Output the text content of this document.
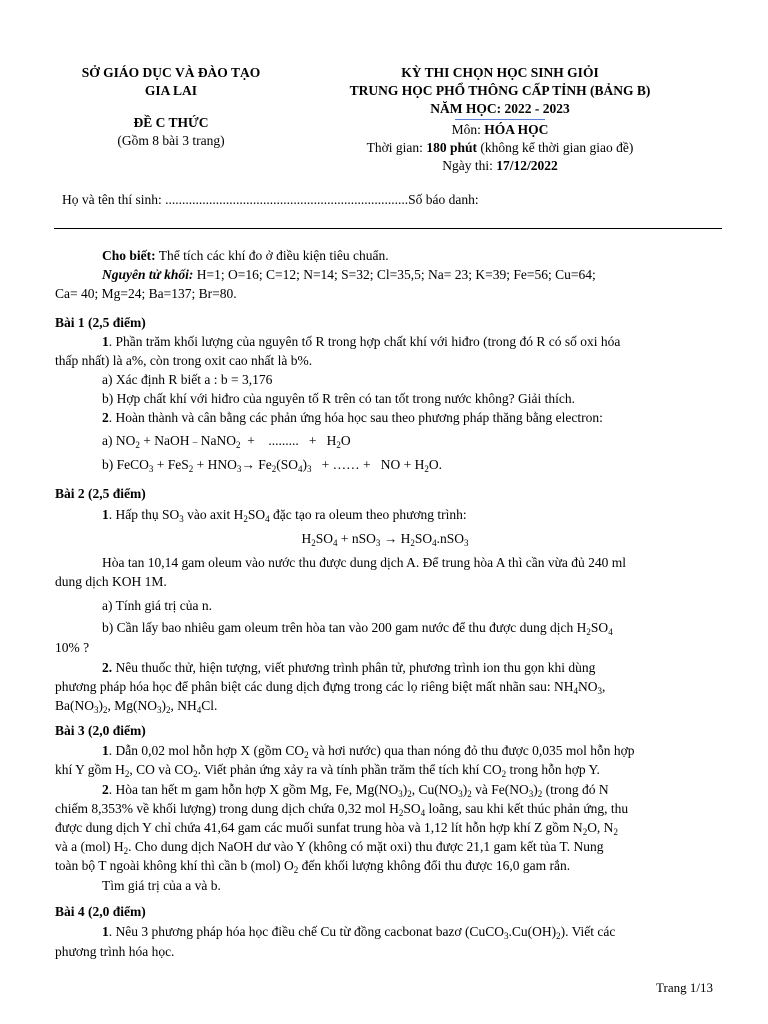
SỞ GIÁO DỤC VÀ ĐÀO TẠO
GIA LAI
ĐỀ C THỨC
(Gồm 8 bài 3 trang)
KỲ THI CHỌN HỌC SINH GIỎI
TRUNG HỌC PHỔ THÔNG CẤP TỈNH (BẢNG B)
NĂM HỌC: 2022 - 2023
Môn: HÓA HỌC
Thời gian: 180 phút (không kể thời gian giao đề)
Ngày thi: 17/12/2022
Họ và tên thí sinh: ........................................................................Số báo danh:
Cho biết: Thể tích các khí đo ở điều kiện tiêu chuẩn.
Nguyên tử khối: H=1; O=16; C=12; N=14; S=32; Cl=35,5; Na= 23; K=39; Fe=56; Cu=64;
Ca= 40; Mg=24; Ba=137; Br=80.
Bài 1 (2,5 điểm)
1. Phần trăm khối lượng của nguyên tố R trong hợp chất khí với hiđro (trong đó R có số oxi hóa
thấp nhất) là a%, còn trong oxit cao nhất là b%.
a) Xác định R biết a : b = 3,176
b) Hợp chất khí với hiđro của nguyên tố R trên có tan tốt trong nước không? Giải thích.
2. Hoàn thành và cân bằng các phản ứng hóa học sau theo phương pháp thăng bằng electron:
a) $NO_2$ + NaOH – NaNO$_2$  +    .........   +   $H_2O$
b) FeCO$_3$ + $FeS_2 + HNO_3\to Fe_2(SO_4)_3$   + …… +   NO + $H_2O$.
Bài 2 (2,5 điểm)
1. Hấp thụ $SO_3$ vào axit $H_2SO_4$ đặc tạo ra oleum theo phương trình:
$H_2SO_4 + nSO_3 \to H_2SO_4.nSO_3$
Hòa tan 10,14 gam oleum vào nước thu được dung dịch A. Để trung hòa A thì cần vừa đủ 240 ml
dung dịch KOH 1M.
a) Tính giá trị của n.
b) Cần lấy bao nhiêu gam oleum trên hòa tan vào 200 gam nước để thu được dung dịch $H_2SO_4$
10% ?
2. Nêu thuốc thử, hiện tượng, viết phương trình phân tử, phương trình ion thu gọn khi dùng
phương pháp hóa học để phân biệt các dung dịch đựng trong các lọ riêng biệt mất nhãn sau: $NH_4NO_3$,
$Ba(NO_3)_2$, $Mg(NO_3)_2$, $NH_4Cl$.
Bài 3 (2,0 điểm)
1. Dẫn 0,02 mol hỗn hợp X (gồm $CO_2$ và hơi nước) qua than nóng đỏ thu được 0,035 mol hỗn hợp
khí Y gồm $H_2$, CO và $CO_2$. Viết phản ứng xảy ra và tính phần trăm thể tích khí $CO_2$ trong hỗn hợp Y.
2. Hòa tan hết m gam hỗn hợp X gồm Mg, Fe, $Mg(NO_3)_2$, $Cu(NO_3)_2$ và $Fe(NO_3)_2$ (trong đó N
chiếm 8,353% về khối lượng) trong dung dịch chứa 0,32 mol $H_2SO_4$ loãng, sau khi kết thúc phản ứng, thu
được dung dịch Y chỉ chứa 41,64 gam các muối sunfat trung hòa và 1,12 lít hỗn hợp khí Z gồm $N_2O$, $N_2$
và a (mol) $H_2$. Cho dung dịch NaOH dư vào Y (không có mặt oxi) thu được 21,1 gam kết tủa T. Nung
toàn bộ T ngoài không khí thì cần b (mol) $O_2$ đến khối lượng không đổi thu được 16,0 gam rắn.
Tìm giá trị của a và b.
Bài 4 (2,0 điểm)
1. Nêu 3 phương pháp hóa học điều chế Cu từ đồng cacbonat bazơ $(CuCO_3.Cu(OH)_2)$. Viết các
phương trình hóa học.
Trang 1/13
